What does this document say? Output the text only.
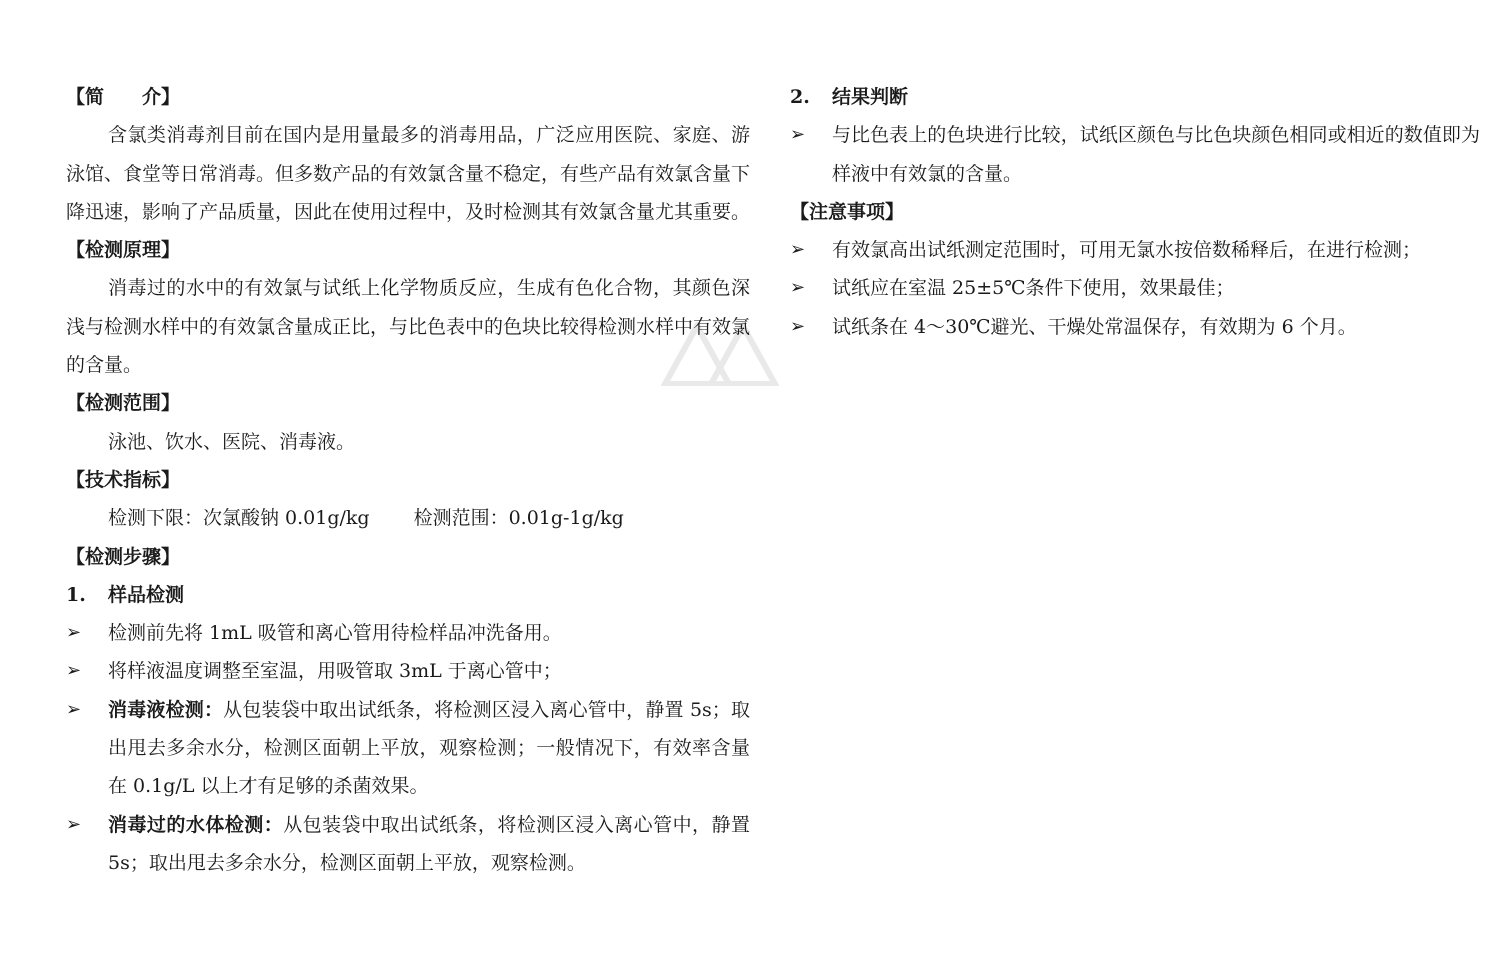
【简　　介】
含氯类消毒剂目前在国内是用量最多的消毒用品，广泛应用医院、家庭、游泳馆、食堂等日常消毒。但多数产品的有效氯含量不稳定，有些产品有效氯含量下降迅速，影响了产品质量，因此在使用过程中，及时检测其有效氯含量尤其重要。
【检测原理】
消毒过的水中的有效氯与试纸上化学物质反应，生成有色化合物，其颜色深浅与检测水样中的有效氯含量成正比，与比色表中的色块比较得检测水样中有效氯的含量。
【检测范围】
泳池、饮水、医院、消毒液。
【技术指标】
检测下限：次氯酸钠 0.01g/kg 检测范围：0.01g-1g/kg
【检测步骤】
1.	样品检测
➢	检测前先将 1mL 吸管和离心管用待检样品冲洗备用。
➢	将样液温度调整至室温，用吸管取 3mL 于离心管中；
➢	消毒液检测：从包装袋中取出试纸条，将检测区浸入离心管中，静置 5s；取出甩去多余水分，检测区面朝上平放，观察检测；一般情况下，有效率含量在 0.1g/L 以上才有足够的杀菌效果。
➢	消毒过的水体检测：从包装袋中取出试纸条，将检测区浸入离心管中，静置 5s；取出甩去多余水分，检测区面朝上平放，观察检测。
2.	结果判断
➢	与比色表上的色块进行比较，试纸区颜色与比色块颜色相同或相近的数值即为样液中有效氯的含量。
【注意事项】
➢	有效氯高出试纸测定范围时，可用无氯水按倍数稀释后，在进行检测；
➢	试纸应在室温 25±5℃条件下使用，效果最佳；
➢	试纸条在 4～30℃避光、干燥处常温保存，有效期为 6 个月。
